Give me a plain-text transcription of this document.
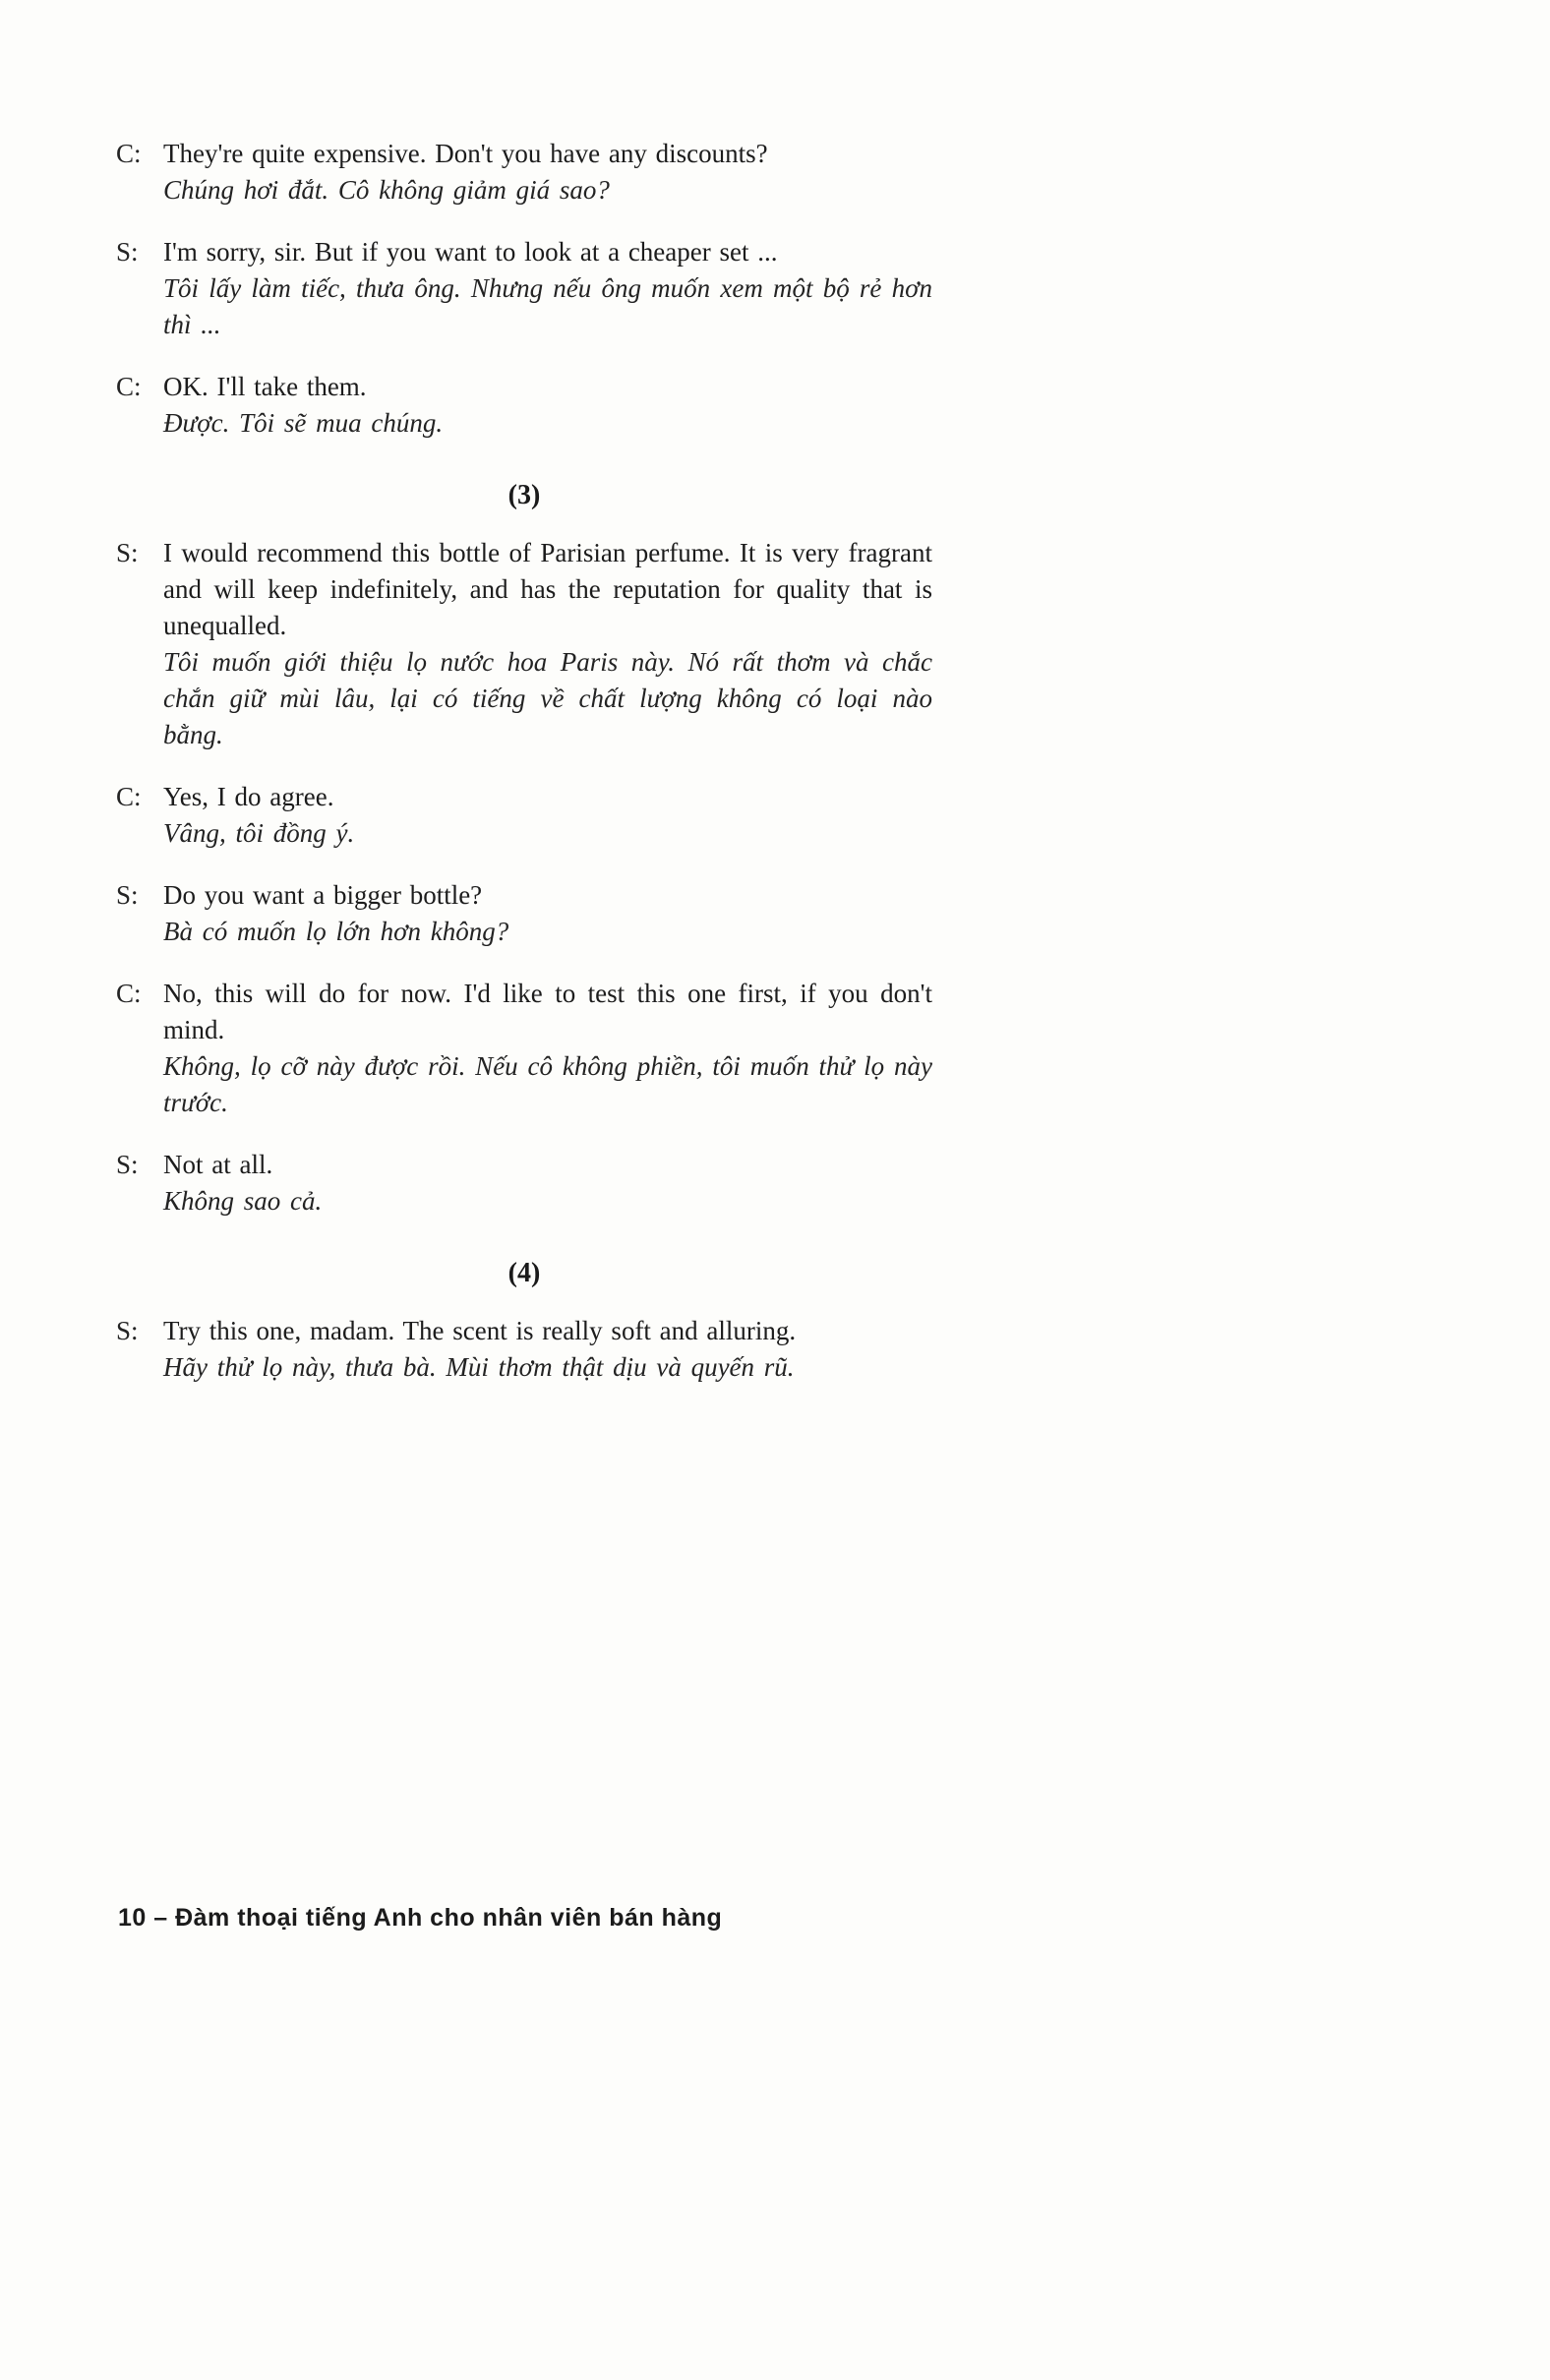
C: They're quite expensive. Don't you have any discounts?

Chúng hơi đắt. Cô không giảm giá sao?

S: I'm sorry, sir. But if you want to look at a cheaper set ...

Tôi lấy làm tiếc, thưa ông. Nhưng nếu ông muốn xem một bộ rẻ hơn thì ...

C: OK. I'll take them.

Được. Tôi sẽ mua chúng.

(3)
S: I would recommend this bottle of Parisian perfume. It is very fragrant and will keep indefinitely, and has the reputation for quality that is unequalled.

Tôi muốn giới thiệu lọ nước hoa Paris này. Nó rất thơm và chắc chắn giữ mùi lâu, lại có tiếng về chất lượng không có loại nào bằng.

C: Yes, I do agree.

Vâng, tôi đồng ý.

S: Do you want a bigger bottle?

Bà có muốn lọ lớn hơn không?

C: No, this will do for now. I'd like to test this one first, if you don't mind.

Không, lọ cỡ này được rồi. Nếu cô không phiền, tôi muốn thử lọ này trước.

S: Not at all.

Không sao cả.

(4)
S: Try this one, madam. The scent is really soft and alluring.

Hãy thử lọ này, thưa bà. Mùi thơm thật dịu và quyến rũ.

10 – Đàm thoại tiếng Anh cho nhân viên bán hàng
